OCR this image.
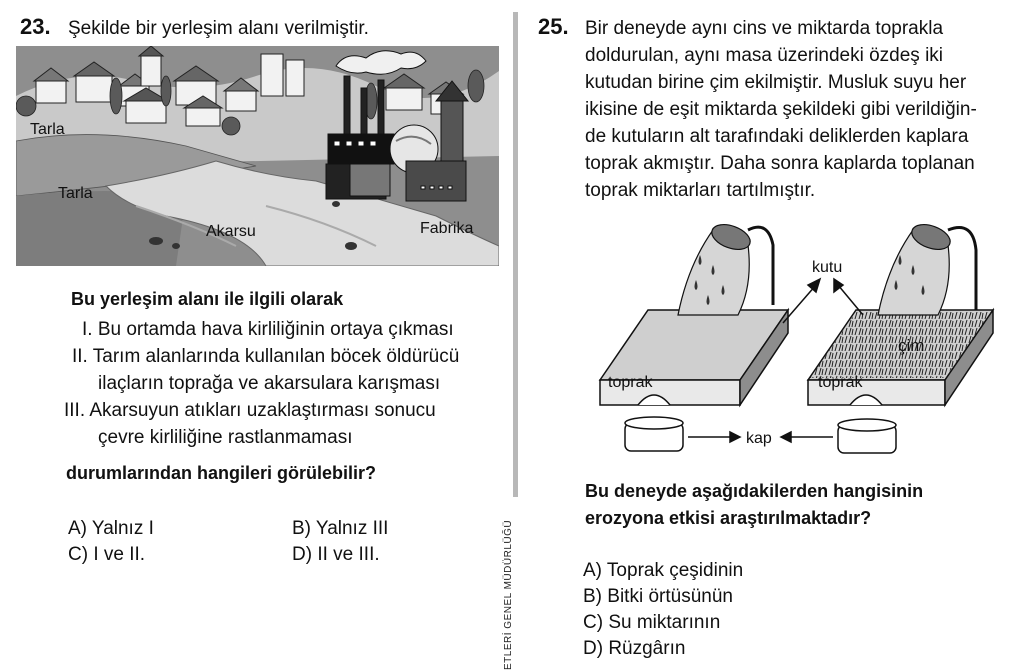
23. Şekilde bir yerleşim alanı verilmiştir.
Tarla
Tarla
Akarsu	Fabrika
Bu yerleşim alanı ile ilgili olarak
I. Bu ortamda hava kirliliğinin ortaya çıkması
II. Tarım alanlarında kullanılan böcek öldürücü
ilaçların toprağa ve akarsulara karışması
III. Akarsuyun atıkları uzaklaştırması sonucu
çevre kirliliğine rastlanmaması
durumlarından hangileri görülebilir?
A) Yalnız I	B) Yalnız III
C) I ve II.	D) II ve III.	ETLERİ GENEL MÜDÜRLÜĞÜ
25. Bir deneyde aynı cins ve miktarda toprakla
doldurulan, aynı masa üzerindeki özdeş iki
kutudan birine çim ekilmiştir. Musluk suyu her
ikisine de eşit miktarda şekildeki gibi verildiğin-
de kutuların alt tarafındaki deliklerden kaplara
toprak akmıştır. Daha sonra kaplarda toplanan
toprak miktarları tartılmıştır.
kutu
çim
toprak	toprak
kap
Bu deneyde aşağıdakilerden hangisinin
erozyona etkisi araştırılmaktadır?
A) Toprak çeşidinin
B) Bitki örtüsünün
C) Su miktarının
D) Rüzgârın
